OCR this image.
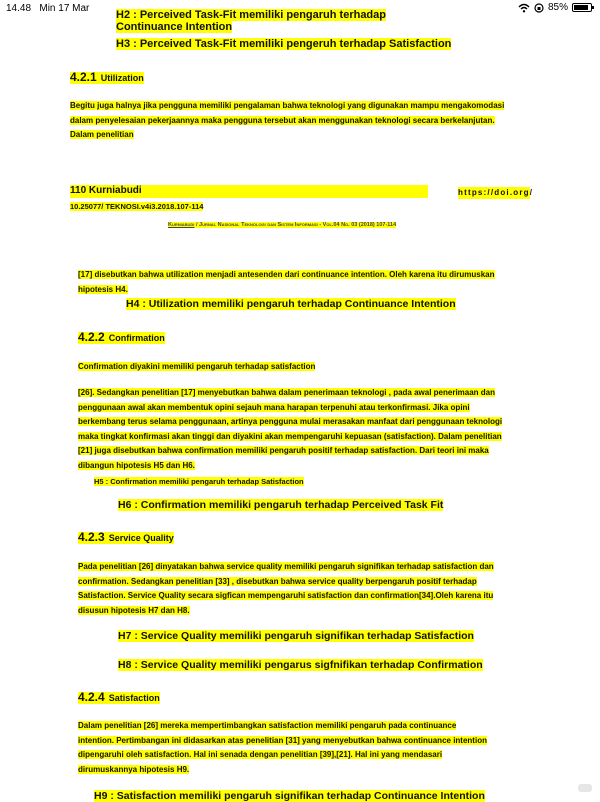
14.48 Min 17 Mar	85%
H2 : Perceived Task-Fit memiliki pengaruh terhadap Continuance Intention
H3 : Perceived Task-Fit memiliki pengeruh terhadap Satisfaction
4.2.1 Utilization
Begitu juga halnya jika pengguna memiliki pengalaman bahwa teknologi yang digunakan mampu mengakomodasi
dalam penyelesaian pekerjaannya maka pengguna tersebut akan menggunakan teknologi secara berkelanjutan.
Dalam penelitian
110 Kurniabudi	https://doi.org/
10.25077/ TEKNOSI.v4i3.2018.107-114
Kurniabudi / Jurnal Nasional Teknologi dan Sistem Informasi - Vol.04 No. 03 (2018) 107-114
[17] disebutkan bahwa utilization menjadi antesenden dari continuance intention. Oleh karena itu dirumuskan
hipotesis H4.
H4 : Utilization memiliki pengaruh terhadap Continuance Intention
4.2.2 Confirmation
Confirmation diyakini memiliki pengaruh terhadap satisfaction
[26]. Sedangkan penelitian [17] menyebutkan bahwa dalam penerimaan teknologi , pada awal penerimaan dan
penggunaan awal akan membentuk opini sejauh mana harapan terpenuhi atau terkonfirmasi. Jika opini
berkembang terus selama penggunaan, artinya pengguna mulai merasakan manfaat dari penggunaan teknologi
maka tingkat konfirmasi akan tinggi dan diyakini akan mempengaruhi kepuasan (satisfaction). Dalam penelitian
[21] juga disebutkan bahwa confirmation memiliki pengaruh positif terhadap satisfaction. Dari teori ini maka
dibangun hipotesis H5 dan H6.
H5 : Confirmation memiliki pengaruh terhadap Satisfaction
H6 : Confirmation memiliki pengaruh terhadap Perceived Task Fit
4.2.3 Service Quality
Pada penelitian [26] dinyatakan bahwa service quality memiliki pengaruh signifikan terhadap satisfaction dan
confirmation. Sedangkan penelitian [33] , disebutkan bahwa service quality berpengaruh positif terhadap
Satisfaction. Service Quality secara sigfican mempengaruhi satisfaction dan confirmation[34].Oleh karena itu
disusun hipotesis H7 dan H8.
H7 : Service Quality memiliki pengaruh signifikan terhadap Satisfaction
H8 : Service Quality memiliki pengarus sigfnifikan terhadap Confirmation
4.2.4 Satisfaction
Dalam penelitian [26] mereka mempertimbangkan satisfaction memiliki pengaruh pada continuance
intention. Pertimbangan ini didasarkan atas penelitian [31] yang menyebutkan bahwa continuance intention
dipengaruhi oleh satisfaction. Hal ini senada dengan penelitian [39],[21]. Hal ini yang mendasari
dirumuskannya hipotesis H9.
H9 : Satisfaction memiliki pengaruh signifikan terhadap Continuance Intention
